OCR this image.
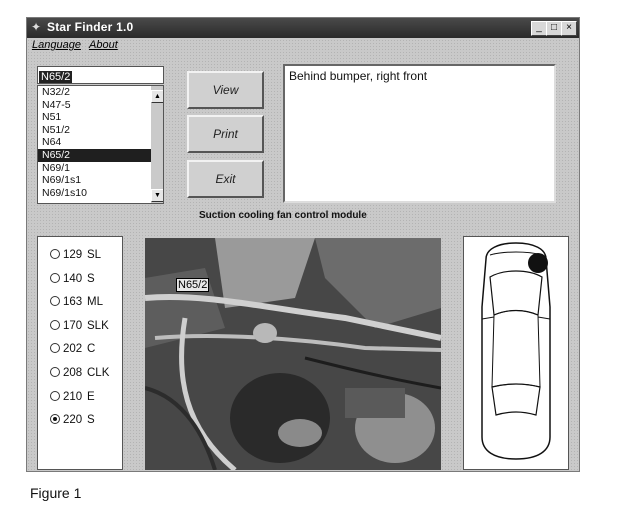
✦ Star Finder 1.0	_ □ ×
Language About
N65/2
N32/2
N47-5
N51
N51/2
N64
N65/2
N69/1
N69/1s1
N69/1s10
▲
▼
View
Print
Exit
Behind bumper, right front
Suction cooling fan control module
129 SL
140 S
163 ML
170 SLK
202 C
208 CLK
210 E
220 S
N65/2
Figure 1
